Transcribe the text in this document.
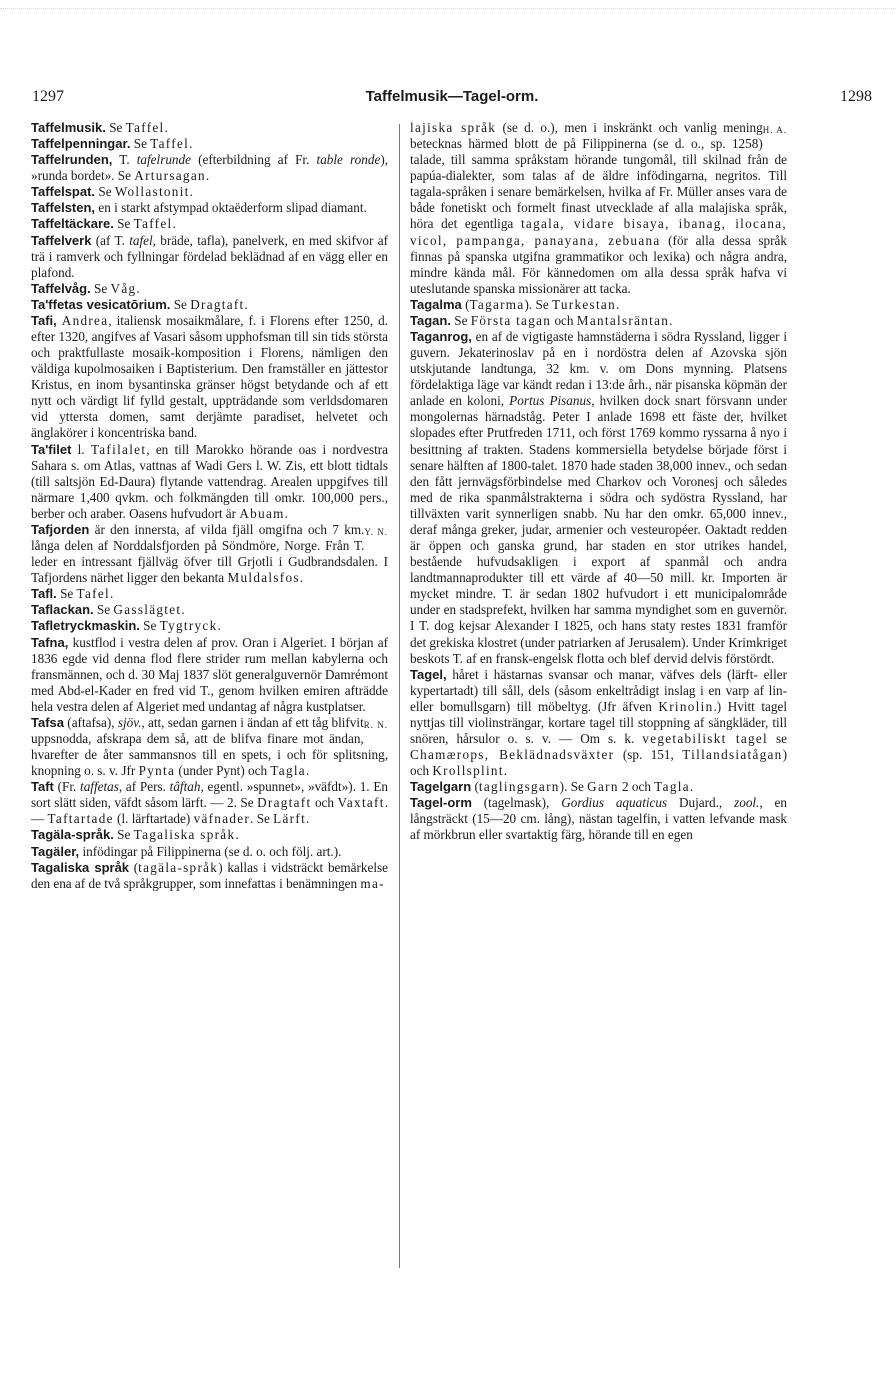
1297	Taffelmusik—Tagel-orm.	1298

Taffelmusik. Se Taffel.

Taffelpenningar. Se Taffel.

Taffelrunden, T. tafelrunde (efterbildning af Fr. table ronde), »runda bordet». Se Artursagan.

Taffelspat. Se Wollastonit.

Taffelsten, en i starkt afstympad oktaëderform slipad diamant.

Taffeltäckare. Se Taffel.

Taffelverk (af T. tafel, bräde, tafla), panelverk, en med skifvor af trä i ramverk och fyllningar fördelad beklädnad af en vägg eller en plafond.

Taffelvåg. Se Våg.

Ta'ffetas vesicatōrium. Se Dragtaft.

Tafi, Andrea, italiensk mosaikmålare, f. i Florens efter 1250, d. efter 1320, angifves af Vasari såsom upphofsman till sin tids största och praktfullaste mosaik-komposition i Florens, nämligen den väldiga kupolmosaiken i Baptisterium. Den framställer en jättestor Kristus, en inom bysantinska gränser högst betydande och af ett nytt och värdigt lif fylld gestalt, uppträdande som verldsdomaren vid yttersta domen, samt derjämte paradiset, helvetet och änglakörer i koncentriska band.

Ta'filet l. Tafilalet, en till Marokko hörande oas i nordvestra Sahara s. om Atlas, vattnas af Wadi Gers l. W. Zis, ett blott tidtals (till saltsjön Ed-Daura) flytande vattendrag. Arealen uppgifves till närmare 1,400 qvkm. och folkmängden till omkr. 100,000 pers., berber och araber. Oasens hufvudort är Abuam.

Y. N.
Tafjorden är den innersta, af vilda fjäll omgifna och 7 km. långa delen af Norddalsfjorden på Söndmöre, Norge. Från T. leder en intressant fjällväg öfver till Grjotli i Gudbrandsdalen. I Tafjordens närhet ligger den bekanta Muldalsfos.

Tafl. Se Tafel.

Taflackan. Se Gasslägtet.

Tafletryckmaskin. Se Tygtryck.

Tafna, kustflod i vestra delen af prov. Oran i Algeriet. I början af 1836 egde vid denna flod flere strider rum mellan kabylerna och fransmännen, och d. 30 Maj 1837 slöt generalguvernör Damrémont med Abd-el-Kader en fred vid T., genom hvilken emiren afträdde hela vestra delen af Algeriet med undantag af några kustplatser.

R. N.
Tafsa (aftafsa), sjöv., att, sedan garnen i ändan af ett tåg blifvit uppsnodda, afskrapa dem så, att de blifva finare mot ändan, hvarefter de åter sammansnos till en spets, i och för splitsning, knopning o. s. v. Jfr Pynta (under Pynt) och Tagla.

Taft (Fr. taffetas, af Pers. tâftah, egentl. »spunnet», »väfdt»). 1. En sort slätt siden, väfdt såsom lärft. — 2. Se Dragtaft och Vaxtaft. — Taftartade (l. lärftartade) väfnader. Se Lärft.

Tagäla-språk. Se Tagaliska språk.

Tagäler, infödingar på Filippinerna (se d. o. och följ. art.).

Tagaliska språk (tagäla-språk) kallas i vidsträckt bemärkelse den ena af de två språkgrupper, som innefattas i benämningen ma-

H. A.
lajiska språk (se d. o.), men i inskränkt och vanlig mening betecknas härmed blott de på Filippinerna (se d. o., sp. 1258) talade, till samma språkstam hörande tungomål, till skilnad från de papúa-dialekter, som talas af de äldre infödingarna, negritos. Till tagala-språken i senare bemärkelsen, hvilka af Fr. Müller anses vara de både fonetiskt och formelt finast utvecklade af alla malajiska språk, höra det egentliga tagala, vidare bisaya, ibanag, ilocana, vicol, pampanga, panayana, zebuana (för alla dessa språk finnas på spanska utgifna grammatikor och lexika) och några andra, mindre kända mål. För kännedomen om alla dessa språk hafva vi uteslutande spanska missionärer att tacka.

Tagalma (Tagarma). Se Turkestan.

Tagan. Se Första tagan och Mantalsräntan.

Taganrog, en af de vigtigaste hamnstäderna i södra Ryssland, ligger i guvern. Jekaterinoslav på en i nordöstra delen af Azovska sjön utskjutande landtunga, 32 km. v. om Dons mynning. Platsens fördelaktiga läge var kändt redan i 13:de årh., när pisanska köpmän der anlade en koloni, Portus Pisanus, hvilken dock snart försvann under mongolernas härnadståg. Peter I anlade 1698 ett fäste der, hvilket slopades efter Prutfreden 1711, och först 1769 kommo ryssarna å nyo i besittning af trakten. Stadens kommersiella betydelse började först i senare hälften af 1800-talet. 1870 hade staden 38,000 innev., och sedan den fått jernvägsförbindelse med Charkov och Voronesj och således med de rika spanmålstrakterna i södra och sydöstra Ryssland, har tillväxten varit synnerligen snabb. Nu har den omkr. 65,000 innev., deraf många greker, judar, armenier och vesteuropéer. Oaktadt redden är öppen och ganska grund, har staden en stor utrikes handel, bestående hufvudsakligen i export af spanmål och andra landtmannaprodukter till ett värde af 40—50 mill. kr. Importen är mycket mindre. T. är sedan 1802 hufvudort i ett municipalområde under en stadsprefekt, hvilken har samma myndighet som en guvernör. I T. dog kejsar Alexander I 1825, och hans staty restes 1831 framför det grekiska klostret (under patriarken af Jerusalem). Under Krimkriget beskots T. af en fransk-engelsk flotta och blef dervid delvis förstördt.

Tagel, håret i hästarnas svansar och manar, väfves dels (lärft- eller kypertartadt) till såll, dels (såsom enkeltrådigt inslag i en varp af lin- eller bomullsgarn) till möbeltyg. (Jfr äfven Krinolin.) Hvitt tagel nyttjas till violinsträngar, kortare tagel till stoppning af sängkläder, till snören, hårsulor o. s. v. — Om s. k. vegetabiliskt tagel se Chamærops, Beklädnadsväxter (sp. 151, Tillandsiatågan) och Krollsplint.

Tagelgarn (taglingsgarn). Se Garn 2 och Tagla.

Tagel-orm (tagelmask), Gordius aquaticus Dujard., zool., en långsträckt (15—20 cm. lång), nästan tagelfin, i vatten lefvande mask af mörkbrun eller svartaktig färg, hörande till en egen
